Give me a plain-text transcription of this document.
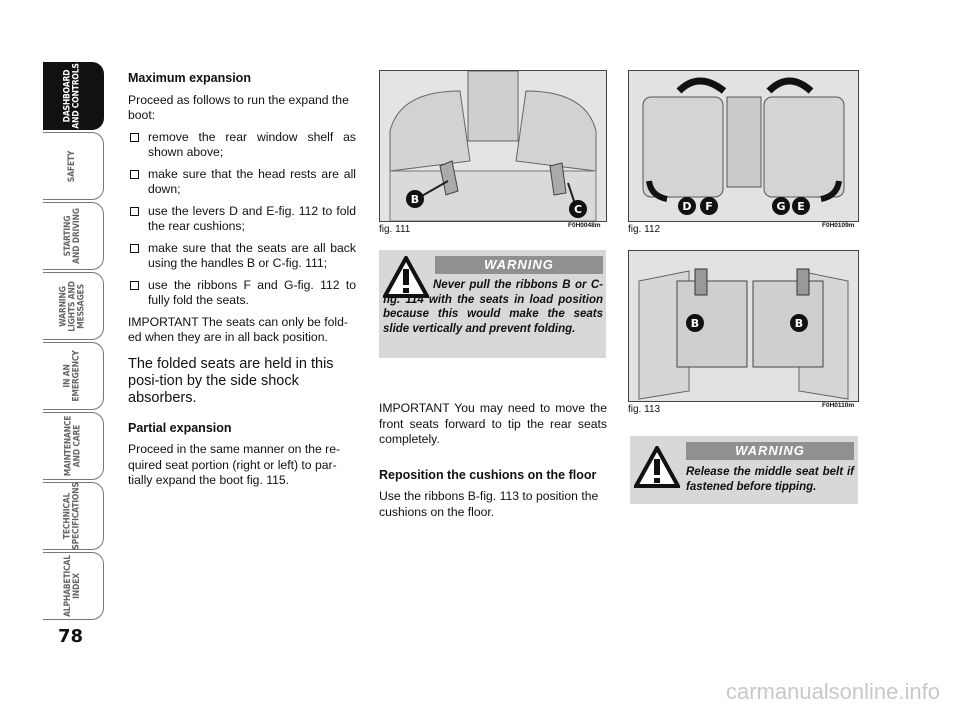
DASHBOARD
AND CONTROLS
SAFETY
STARTING
AND DRIVING
WARNING
LIGHTS AND
MESSAGES
IN AN
EMERGENCY
MAINTENANCE
AND CARE
TECHNICAL
SPECIFICATIONS
ALPHABETICAL
INDEX
78
Maximum expansion

Proceed as follows to run the expand the boot:

remove the rear window shelf as shown above;
make sure that the head rests are all down;
use the levers D and E-fig. 112 to fold the rear cushions;
make sure that the seats are all back using the handles B or C-fig. 111;
use the ribbons F and G-fig. 112 to fully fold the seats.

IMPORTANT The seats can only be fold-ed when they are in all back position.

The folded seats are held in this posi-tion by the side shock absorbers.

Partial expansion

Proceed in the same manner on the re-quired seat portion (right or left) to par-tially expand the boot fig. 115.

B
C
fig. 111	F0H0048m
WARNING
Never pull the ribbons B or C-fig. 114 with the seats in load position because this would make the seats slide vertically and prevent folding.

IMPORTANT You may need to move the front seats forward to tip the rear seats completely.

Reposition the cushions on the floor

Use the ribbons B-fig. 113 to position the cushions on the floor.

D F	G E
fig. 112	F0H0109m
B	B
fig. 113	F0H0110m
WARNING
Release the middle seat belt if fastened before tipping.
carmanualsonline.info
